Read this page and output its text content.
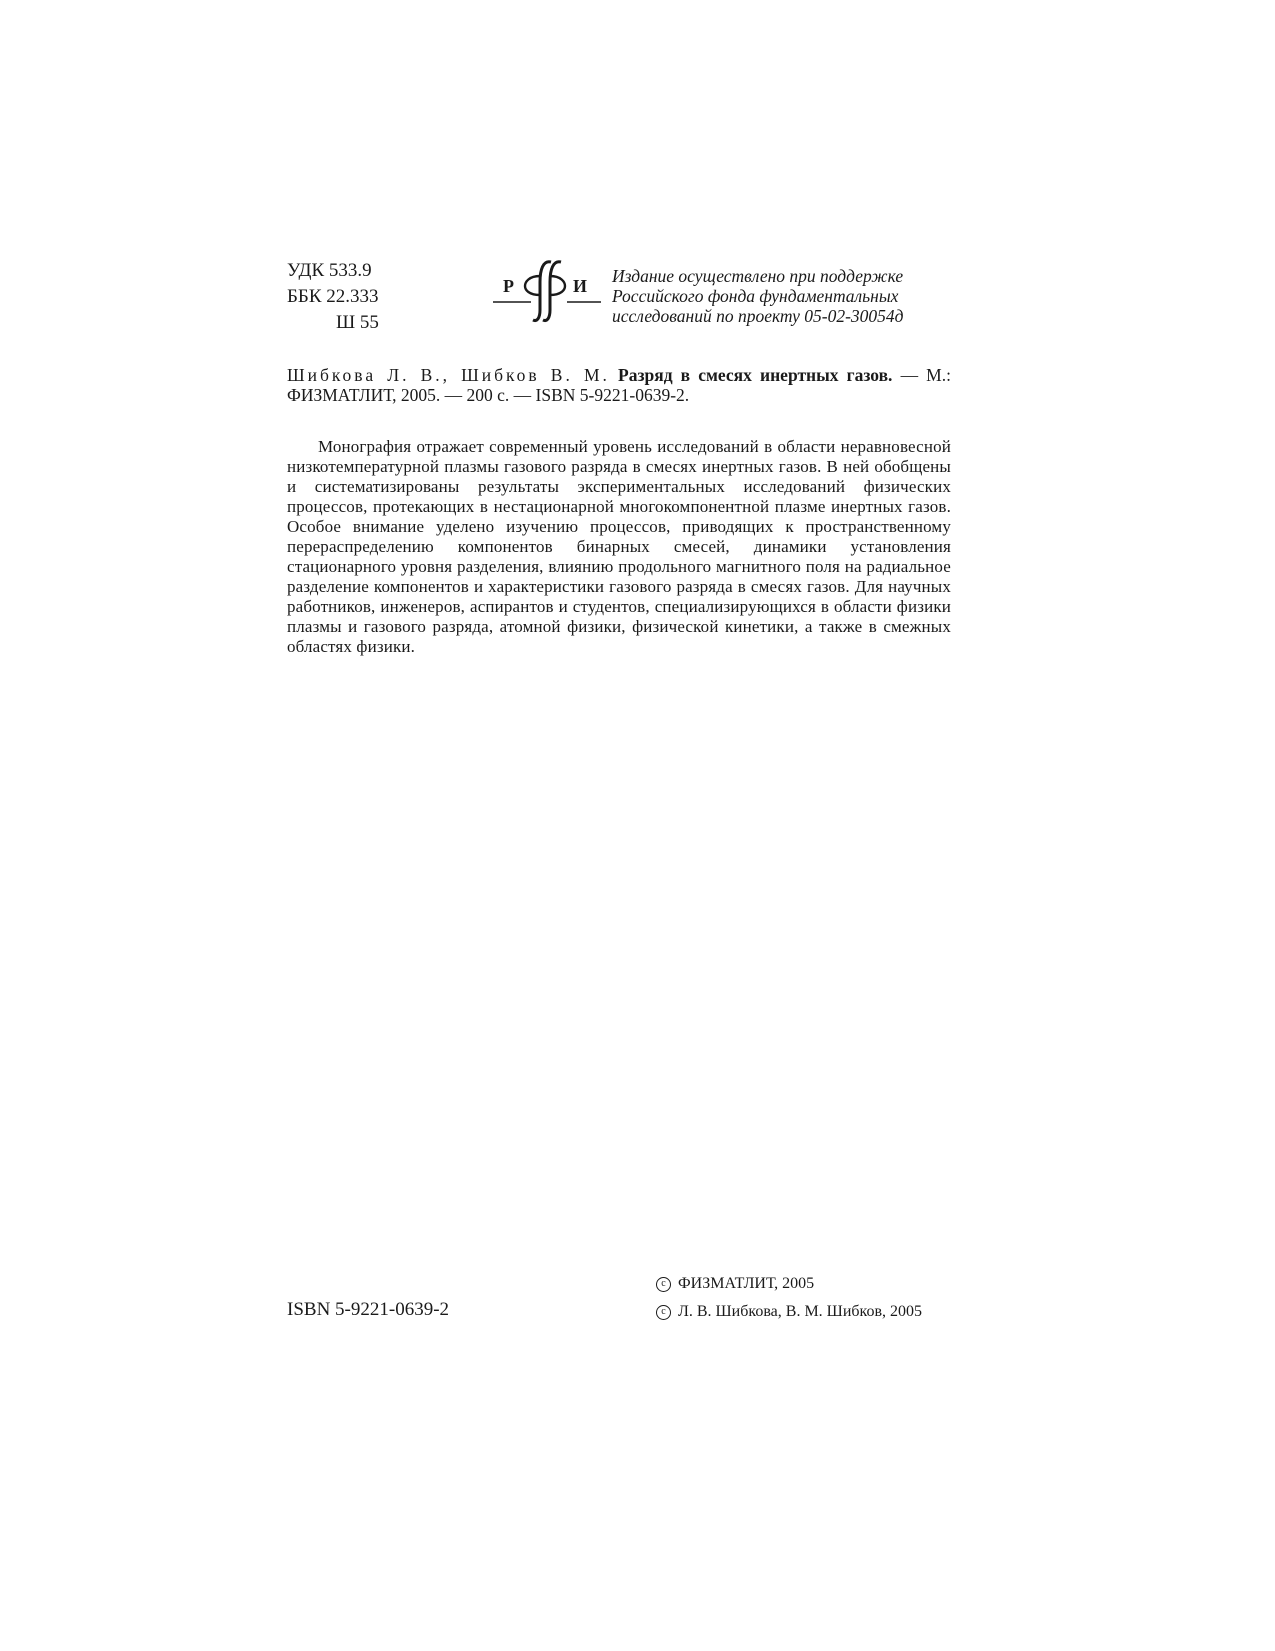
УДК 533.9
ББК 22.333
Ш 55
Р	И Издание осуществлено при поддержке
Российского фонда фундаментальных
исследований по проекту 05-02-30054д
Шибкова Л. В., Шибков В. М. Разряд в смесях инертных газов. — М.: ФИЗМАТЛИТ, 2005. — 200 с. — ISBN 5-9221-0639-2.

Монография отражает современный уровень исследований в области неравновесной низкотемпературной плазмы газового разряда в смесях инертных газов. В ней обобщены и систематизированы результаты экспериментальных исследований физических процессов, протекающих в нестационарной многокомпонентной плазме инертных газов. Особое внимание уделено изучению процессов, приводящих к пространственному перераспределению компонентов бинарных смесей, динамики установления стационарного уровня разделения, влиянию продольного магнитного поля на радиальное разделение компонентов и характеристики газового разряда в смесях газов. Для научных работников, инженеров, аспирантов и студентов, специализирующихся в области физики плазмы и газового разряда, атомной физики, физической кинетики, а также в смежных областях физики.

ISBN 5-9221-0639-2
c ФИЗМАТЛИТ, 2005
c Л. В. Шибкова, В. М. Шибков, 2005
